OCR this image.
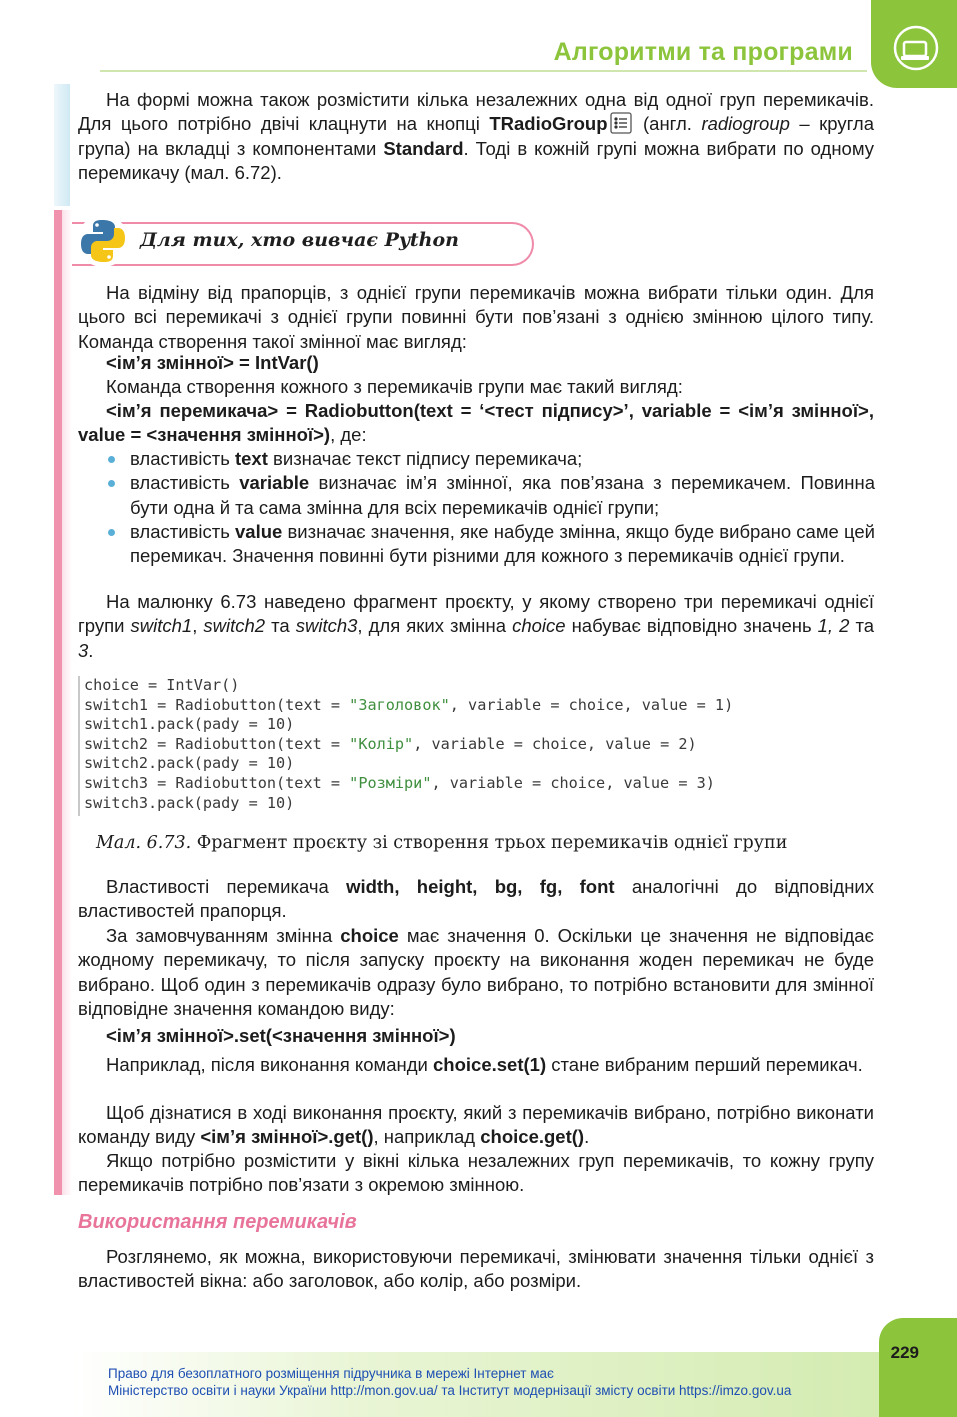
Алгоритми та програми

На формі можна також розмістити кілька незалежних одна від одної груп перемикачів. Для цього потрібно двічі клацнути на кнопці TRadioGroup (англ. radiogroup – кругла група) на вкладці з компонентами Standard. Тоді в кожній групі можна вибрати по одному перемикачу (мал. 6.72).

Для тих, хто вивчає Python

На відміну від прапорців, з однієї групи перемикачів можна вибрати тільки один. Для цього всі перемикачі з однієї групи повинні бути пов’язані з однією змінною цілого типу. Команда створення такої змінної має вигляд:

<ім’я змінної> = IntVar()

Команда створення кожного з перемикачів групи має такий вигляд:

<ім’я перемикача> = Radiobutton(text = ‘<тест підпису>’, variable = <ім’я змінної>, value = <значення змінної>), де:

властивість text визначає текст підпису перемикача;
властивість variable визначає ім’я змінної, яка пов’язана з перемикачем. Повинна бути одна й та сама змінна для всіх перемикачів однієї групи;
властивість value визначає значення, яке набуде змінна, якщо буде вибрано саме цей перемикач. Значення повинні бути різними для кожного з перемикачів однієї групи.

На малюнку 6.73 наведено фрагмент проєкту, у якому створено три перемикачі однієї групи switch1, switch2 та switch3, для яких змінна choice набуває відповідно значень 1, 2 та 3.

choice = IntVar()
switch1 = Radiobutton(text = "Заголовок", variable = choice, value = 1)
switch1.pack(pady = 10)
switch2 = Radiobutton(text = "Колір", variable = choice, value = 2)
switch2.pack(pady = 10)
switch3 = Radiobutton(text = "Розміри", variable = choice, value = 3)
switch3.pack(pady = 10)
Мал. 6.73. Фрагмент проєкту зі створення трьох перемикачів однієї групи

Властивості перемикача width, height, bg, fg, font аналогічні до відповідних властивостей прапорця.

За замовчуванням змінна choice має значення 0. Оскільки це значення не відповідає жодному перемикачу, то після запуску проєкту на виконання жоден перемикач не буде вибрано. Щоб один з перемикачів одразу було вибрано, то потрібно встановити для змінної відповідне значення командою виду:

<ім’я змінної>.set(<значення змінної>)

Наприклад, після виконання команди choice.set(1) стане вибраним перший перемикач.

Щоб дізнатися в ході виконання проєкту, який з перемикачів вибрано, потрібно виконати команду виду <ім’я змінної>.get(), наприклад choice.get().

Якщо потрібно розмістити у вікні кілька незалежних груп перемикачів, то кожну групу перемикачів потрібно пов’язати з окремою змінною.

Використання перемикачів

Розглянемо, як можна, використовуючи перемикачі, змінювати значення тільки однієї з властивостей вікна: або заголовок, або колір, або розміри.

Право для безоплатного розміщення підручника в мережі Інтернет має
Міністерство освіти і науки України http://mon.gov.ua/ та Інститут модернізації змісту освіти https://imzo.gov.ua
229
